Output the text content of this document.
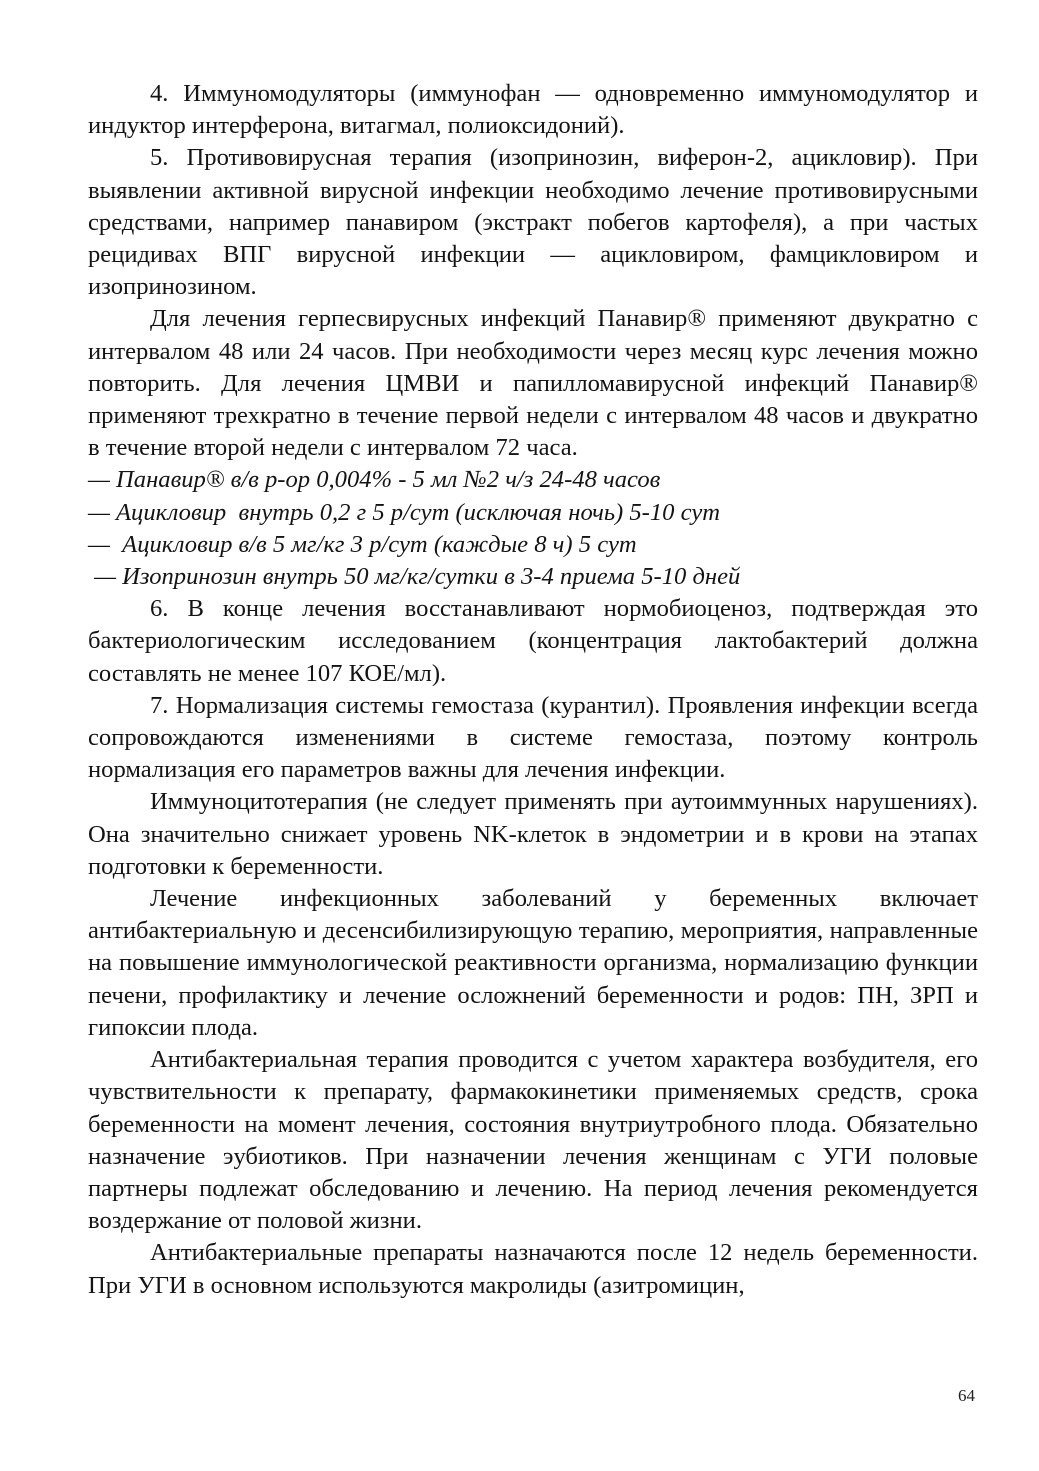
4. Иммуномодуляторы (иммунофан — одновременно иммуномодулятор и индуктор интерферона, витагмал, полиоксидоний).

5. Противовирусная терапия (изопринозин, виферон-2, ацикловир). При выявлении активной вирусной инфекции необходимо лечение противовирусными средствами, например панавиром (экстракт побегов картофеля), а при частых рецидивах ВПГ вирусной инфекции — ацикловиром, фамцикловиром и изопринозином.

Для лечения герпесвирусных инфекций Панавир® применяют двукратно с интервалом 48 или 24 часов. При необходимости через месяц курс лечения можно повторить. Для лечения ЦМВИ и папилломавирусной инфекций Панавир® применяют трехкратно в течение первой недели с интервалом 48 часов и двукратно в течение второй недели с интервалом 72 часа.

— Панавир® в/в р-ор 0,004% - 5 мл №2 ч/з 24-48 часов

— Ацикловир  внутрь 0,2 г 5 р/сут (исключая ночь) 5-10 сут

—  Ацикловир в/в 5 мг/кг 3 р/сут (каждые 8 ч) 5 сут

— Изопринозин внутрь 50 мг/кг/сутки в 3-4 приема 5-10 дней

6. В конце лечения восстанавливают нормобиоценоз, подтверждая это бактериологическим исследованием (концентрация лактобактерий должна составлять не менее 107 КОЕ/мл).

7. Нормализация системы гемостаза (курантил). Проявления инфекции всегда сопровождаются изменениями в системе гемостаза, поэтому контроль нормализация его параметров важны для лечения инфекции.

Иммуноцитотерапия (не следует применять при аутоиммунных нарушениях). Она значительно снижает уровень NK-клеток в эндометрии и в крови на этапах подготовки к беременности.

Лечение инфекционных заболеваний у беременных включает антибактериальную и десенсибилизирующую терапию, мероприятия, направленные на повышение иммунологической реактивности организма, нормализацию функции печени, профилактику и лечение осложнений беременности и родов: ПН, ЗРП и гипоксии плода.

Антибактериальная терапия проводится с учетом характера возбудителя, его чувствительности к препарату, фармакокинетики применяемых средств, срока беременности на момент лечения, состояния внутриутробного плода. Обязательно назначение эубиотиков. При назначении лечения женщинам с УГИ половые партнеры подлежат обследованию и лечению. На период лечения рекомендуется воздержание от половой жизни.

Антибактериальные препараты назначаются после 12 недель беременности. При УГИ в основном используются макролиды (азитромицин,

64
